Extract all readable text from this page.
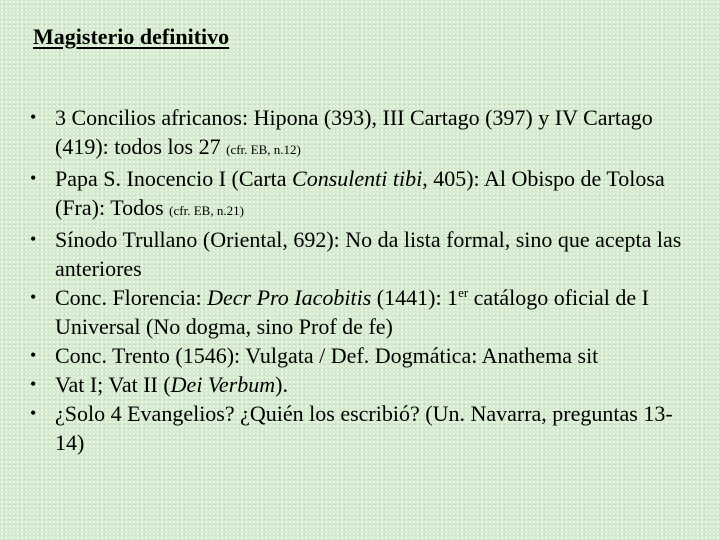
Magisterio definitivo
• 3 Concilios africanos: Hipona (393), III Cartago (397) y IV Cartago (419): todos los 27 (cfr. EB, n.12)
• Papa S. Inocencio I (Carta Consulenti tibi, 405): Al Obispo de Tolosa (Fra): Todos (cfr. EB, n.21)
• Sínodo Trullano (Oriental, 692): No da lista formal, sino que acepta las anteriores
• Conc. Florencia: Decr Pro Iacobitis (1441): 1er catálogo oficial de I Universal (No dogma, sino Prof de fe)
• Conc. Trento (1546): Vulgata / Def. Dogmática: Anathema sit
• Vat I; Vat II (Dei Verbum).
• ¿Solo 4 Evangelios? ¿Quién los escribió? (Un. Navarra, preguntas 13-14)
